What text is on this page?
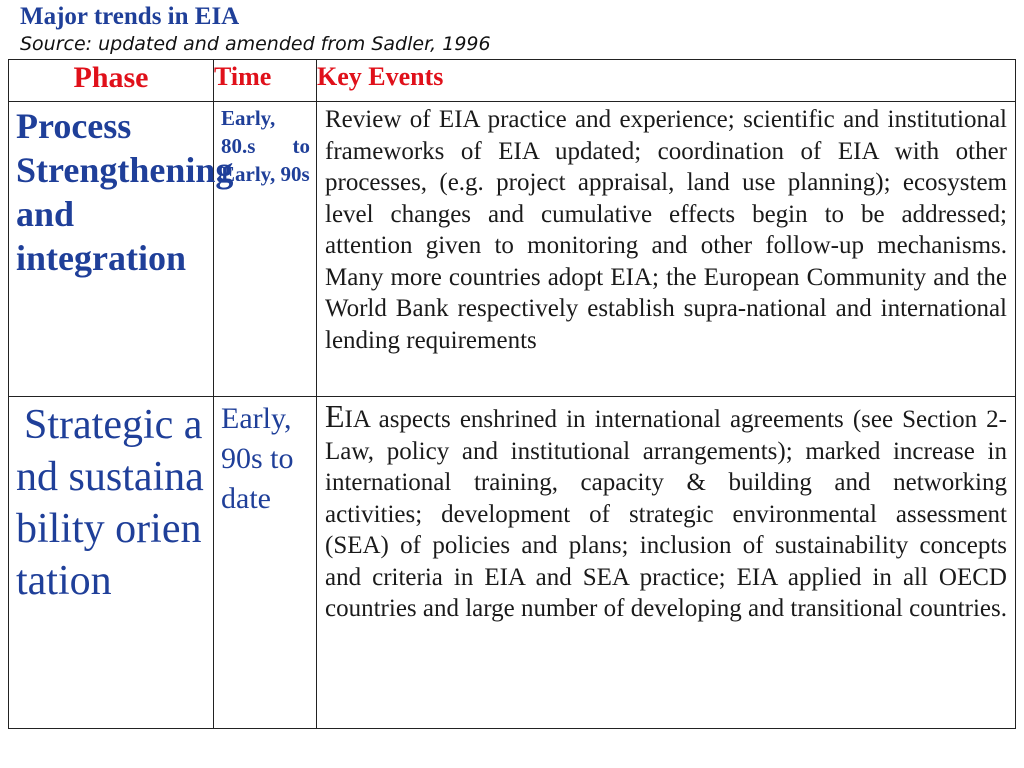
Major trends in EIA
Source: updated and amended from Sadler, 1996
Phase	Time	Key Events

Process Strengthening and integration	Early, 80.s to Early, 90s	Review of EIA practice and experience; scientific and institutional frameworks of EIA updated; coordination of EIA with other processes, (e.g. project appraisal, land use planning); ecosystem level changes and cumulative effects begin to be addressed; attention given to monitoring and other follow-up mechanisms. Many more countries adopt EIA; the European Community and the World Bank respectively establish supra-national and international lending requirements

Strategic and sustainability orientation	Early, 90s to date	EIA aspects enshrined in international agreements (see Section 2-Law, policy and institutional arrangements); marked increase in international training, capacity & building and networking activities; development of strategic environmental assessment (SEA) of policies and plans; inclusion of sustainability concepts and criteria in EIA and SEA practice; EIA applied in all OECD countries and large number of developing and transitional countries.
